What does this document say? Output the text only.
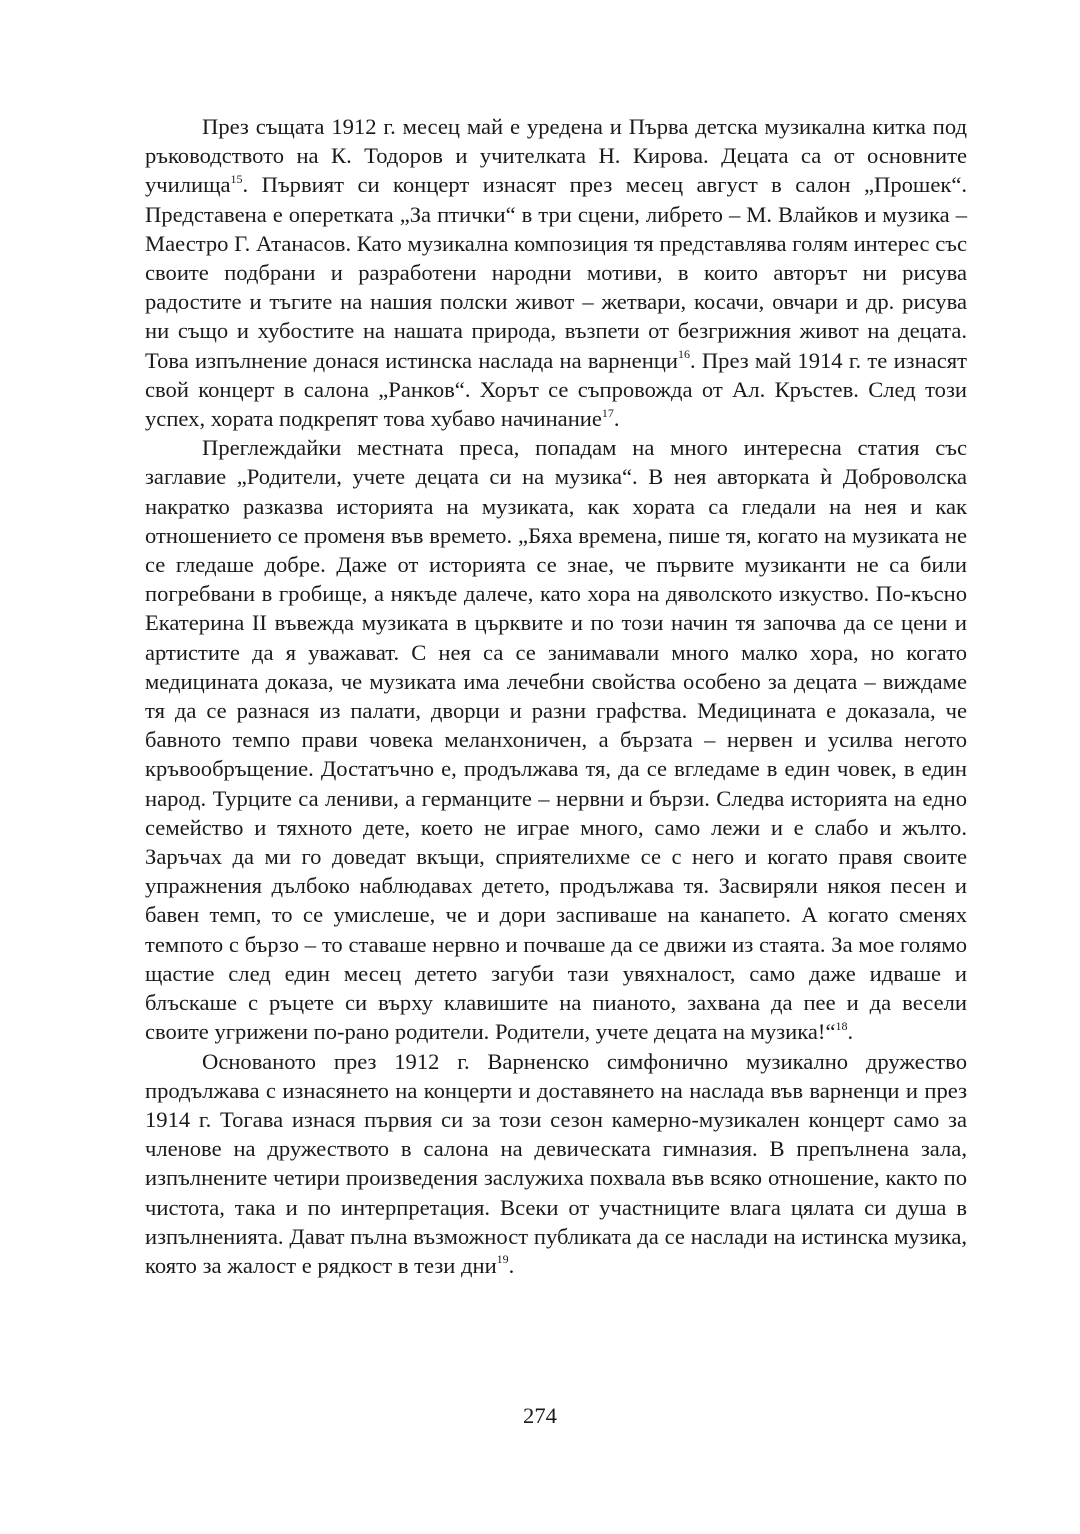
През същата 1912 г. месец май е уредена и Първа детска музикална китка под ръководството на К. Тодоров и учителката Н. Кирова. Децата са от основните училища$^{15}$. Първият си концерт изнасят през месец август в салон „Прошек“. Представена е оперетката „За птички“ в три сцени, либрето – М. Влайков и музика – Маестро Г. Атанасов. Като музикална композиция тя представлява голям интерес със своите подбрани и разработени народни мотиви, в които авторът ни рисува радостите и тъгите на нашия полски живот – жетвари, косачи, овчари и др. рисува ни също и хубостите на нашата природа, възпети от безгрижния живот на децата. Това изпълнение донася истинска наслада на варненци$^{16}$. През май 1914 г. те изнасят свой концерт в салона „Ранков“. Хорът се съпровожда от Ал. Кръстев. След този успех, хората подкрепят това хубаво начинание$^{17}$.

Преглеждайки местната преса, попадам на много интересна статия със заглавие „Родители, учете децата си на музика“. В нея авторката ѝ Доброволска накратко разказва историята на музиката, как хората са гледали на нея и как отношението се променя във времето. „Бяха времена, пише тя, когато на музиката не се гледаше добре. Даже от историята се знае, че първите музиканти не са били погребвани в гробище, а някъде далече, като хора на дяволското изкуство. По-късно Екатерина II въвежда музиката в църквите и по този начин тя започва да се цени и артистите да я уважават. С нея са се занимавали много малко хора, но когато медицината доказа, че музиката има лечебни свойства особено за децата – виждаме тя да се разнася из палати, дворци и разни графства. Медицината е доказала, че бавното темпо прави човека меланхоничен, а бързата – нервен и усилва негото кръвообръщение. Достатъчно е, продължава тя, да се вгледаме в един човек, в един народ. Турците са лениви, а германците – нервни и бързи. Следва историята на едно семейство и тяхното дете, което не играе много, само лежи и е слабо и жълто. Заръчах да ми го доведат вкъщи, сприятелихме се с него и когато правя своите упражнения дълбоко наблюдавах детето, продължава тя. Засвиряли някоя песен и бавен темп, то се умислеше, че и дори заспиваше на канапето. А когато сменях темпото с бързо – то ставаше нервно и почваше да се движи из стаята. За мое голямо щастие след един месец детето загуби тази увяхналост, само даже идваше и блъскаше с ръцете си върху клавишите на пианото, захвана да пее и да весели своите угрижени по-рано родители. Родители, учете децата на музика!“$^{18}$.

Основаното през 1912 г. Варненско симфонично музикално дружество продължава с изнасянето на концерти и доставянето на наслада във варненци и през 1914 г. Тогава изнася първия си за този сезон камерно-музикален концерт само за членове на дружеството в салона на девическата гимназия. В препълнена зала, изпълнените четири произведения заслужиха похвала във всяко отношение, както по чистота, така и по интерпретация. Всеки от участниците влага цялата си душа в изпълненията. Дават пълна възможност публиката да се наслади на истинска музика, която за жалост е рядкост в тези дни$^{19}$.

274
